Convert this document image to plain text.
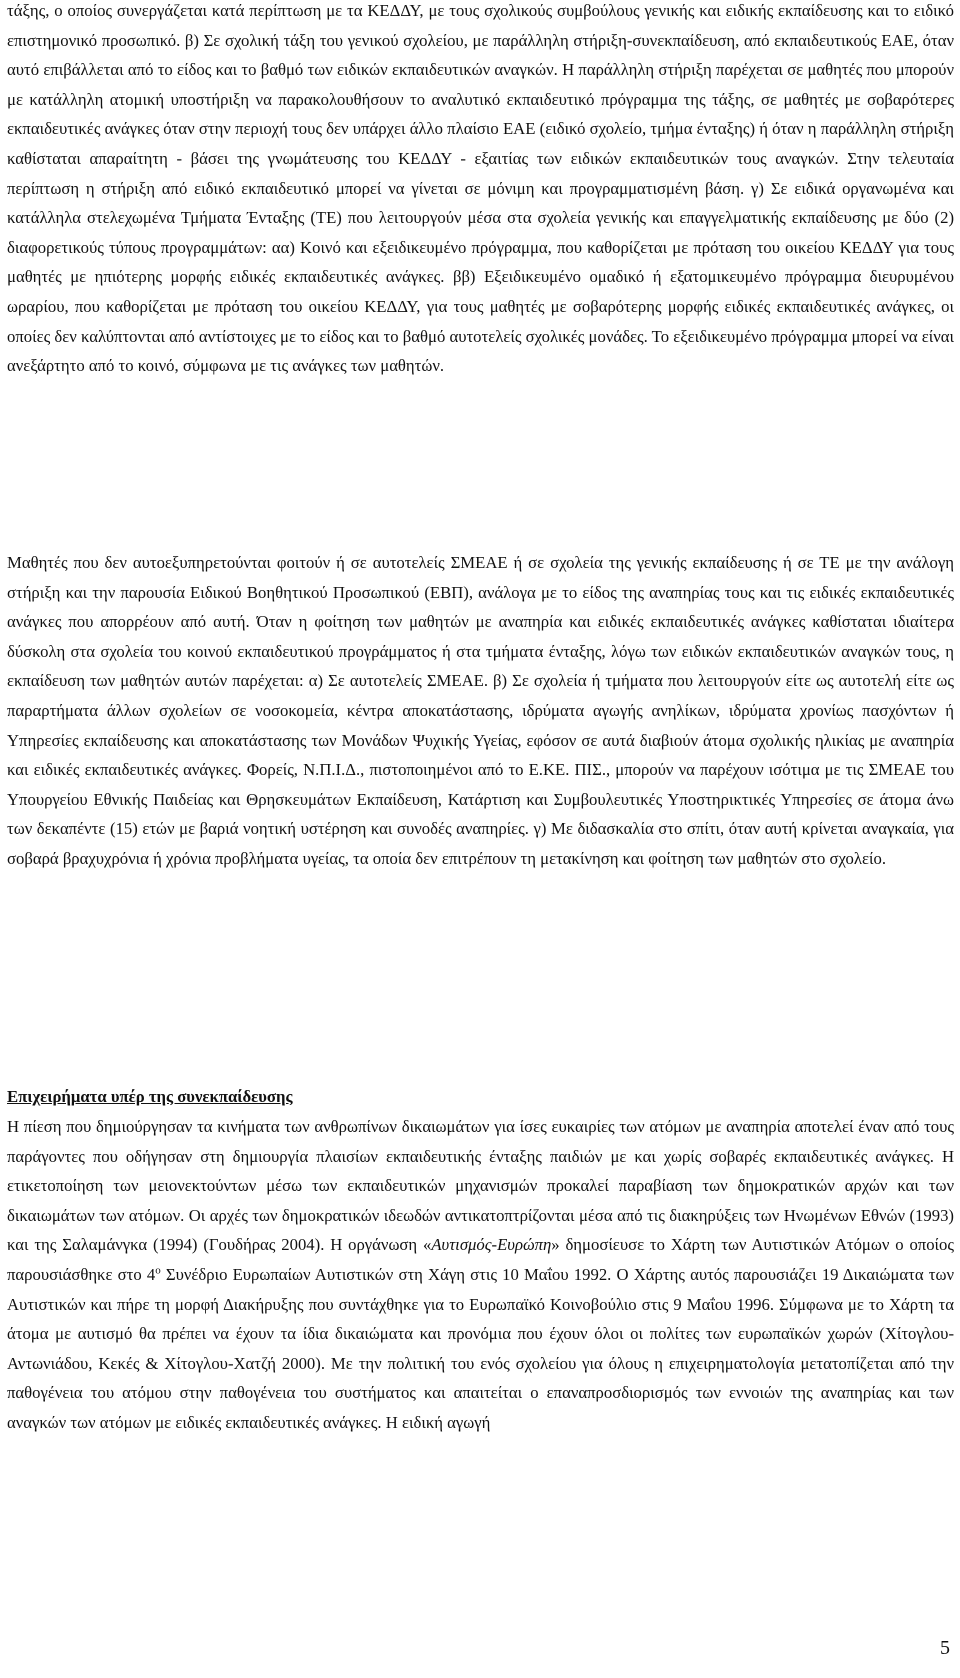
τάξης, ο οποίος συνεργάζεται κατά περίπτωση με τα ΚΕΔΔΥ, με τους σχολικούς συμβούλους γενικής και ειδικής εκπαίδευσης και το ειδικό επιστημονικό προσωπικό. β) Σε σχολική τάξη του γενικού σχολείου, με παράλληλη στήριξη-συνεκπαίδευση, από εκπαιδευτικούς ΕΑΕ, όταν αυτό επιβάλλεται από το είδος και το βαθμό των ειδικών εκπαιδευτικών αναγκών. Η παράλληλη στήριξη παρέχεται σε μαθητές που μπορούν με κατάλληλη ατομική υποστήριξη να παρακολουθήσουν το αναλυτικό εκπαιδευτικό πρόγραμμα της τάξης, σε μαθητές με σοβαρότερες εκπαιδευτικές ανάγκες όταν στην περιοχή τους δεν υπάρχει άλλο πλαίσιο ΕΑΕ (ειδικό σχολείο, τμήμα ένταξης) ή όταν η παράλληλη στήριξη καθίσταται απαραίτητη - βάσει της γνωμάτευσης του ΚΕΔΔΥ - εξαιτίας των ειδικών εκπαιδευτικών τους αναγκών. Στην τελευταία περίπτωση η στήριξη από ειδικό εκπαιδευτικό μπορεί να γίνεται σε μόνιμη και προγραμματισμένη βάση. γ) Σε ειδικά οργανωμένα και κατάλληλα στελεχωμένα Τμήματα Ένταξης (ΤΕ) που λειτουργούν μέσα στα σχολεία γενικής και επαγγελματικής εκπαίδευσης με δύο (2) διαφορετικούς τύπους προγραμμάτων: αα) Κοινό και εξειδικευμένο πρόγραμμα, που καθορίζεται με πρόταση του οικείου ΚΕΔΔΥ για τους μαθητές με ηπιότερης μορφής ειδικές εκπαιδευτικές ανάγκες. ββ) Εξειδικευμένο ομαδικό ή εξατομικευμένο πρόγραμμα διευρυμένου ωραρίου, που καθορίζεται με πρόταση του οικείου ΚΕΔΔΥ, για τους μαθητές με σοβαρότερης μορφής ειδικές εκπαιδευτικές ανάγκες, οι οποίες δεν καλύπτονται από αντίστοιχες με το είδος και το βαθμό αυτοτελείς σχολικές μονάδες. Το εξειδικευμένο πρόγραμμα μπορεί να είναι ανεξάρτητο από το κοινό, σύμφωνα με τις ανάγκες των μαθητών.

Μαθητές που δεν αυτοεξυπηρετούνται φοιτούν ή σε αυτοτελείς ΣΜΕΑΕ ή σε σχολεία της γενικής εκπαίδευσης ή σε ΤΕ με την ανάλογη στήριξη και την παρουσία Ειδικού Βοηθητικού Προσωπικού (ΕΒΠ), ανάλογα με το είδος της αναπηρίας τους και τις ειδικές εκπαιδευτικές ανάγκες που απορρέουν από αυτή. Όταν η φοίτηση των μαθητών με αναπηρία και ειδικές εκπαιδευτικές ανάγκες καθίσταται ιδιαίτερα δύσκολη στα σχολεία του κοινού εκπαιδευτικού προγράμματος ή στα τμήματα ένταξης, λόγω των ειδικών εκπαιδευτικών αναγκών τους, η εκπαίδευση των μαθητών αυτών παρέχεται: α) Σε αυτοτελείς ΣΜΕΑΕ. β) Σε σχολεία ή τμήματα που λειτουργούν είτε ως αυτοτελή είτε ως παραρτήματα άλλων σχολείων σε νοσοκομεία, κέντρα αποκατάστασης, ιδρύματα αγωγής ανηλίκων, ιδρύματα χρονίως πασχόντων ή Υπηρεσίες εκπαίδευσης και αποκατάστασης των Μονάδων Ψυχικής Υγείας, εφόσον σε αυτά διαβιούν άτομα σχολικής ηλικίας με αναπηρία και ειδικές εκπαιδευτικές ανάγκες. Φορείς, Ν.Π.Ι.Δ., πιστοποιημένοι από το Ε.ΚΕ. ΠΙΣ., μπορούν να παρέχουν ισότιμα με τις ΣΜΕΑΕ του Υπουργείου Εθνικής Παιδείας και Θρησκευμάτων Εκπαίδευση, Κατάρτιση και Συμβουλευτικές Υποστηρικτικές Υπηρεσίες σε άτομα άνω των δεκαπέντε (15) ετών με βαριά νοητική υστέρηση και συνοδές αναπηρίες. γ) Με διδασκαλία στο σπίτι, όταν αυτή κρίνεται αναγκαία, για σοβαρά βραχυχρόνια ή χρόνια προβλήματα υγείας, τα οποία δεν επιτρέπουν τη μετακίνηση και φοίτηση των μαθητών στο σχολείο.

Επιχειρήματα υπέρ της συνεκπαίδευσης

Η πίεση που δημιούργησαν τα κινήματα των ανθρωπίνων δικαιωμάτων για ίσες ευκαιρίες των ατόμων με αναπηρία αποτελεί έναν από τους παράγοντες που οδήγησαν στη δημιουργία πλαισίων εκπαιδευτικής ένταξης παιδιών με και χωρίς σοβαρές εκπαιδευτικές ανάγκες. Η ετικετοποίηση των μειονεκτούντων μέσω των εκπαιδευτικών μηχανισμών προκαλεί παραβίαση των δημοκρατικών αρχών και των δικαιωμάτων των ατόμων. Οι αρχές των δημοκρατικών ιδεωδών αντικατοπτρίζονται μέσα από τις διακηρύξεις των Ηνωμένων Εθνών (1993) και της Σαλαμάνγκα (1994) (Γουδήρας 2004). Η οργάνωση «Αυτισμός-Ευρώπη» δημοσίευσε το Χάρτη των Αυτιστικών Ατόμων ο οποίος παρουσιάσθηκε στο $4^o$ Συνέδριο Ευρωπαίων Αυτιστικών στη Χάγη στις 10 Μαΐου 1992. Ο Χάρτης αυτός παρουσιάζει 19 Δικαιώματα των Αυτιστικών και πήρε τη μορφή Διακήρυξης που συντάχθηκε για το Ευρωπαϊκό Κοινοβούλιο στις 9 Μαΐου 1996. Σύμφωνα με το Χάρτη τα άτομα με αυτισμό θα πρέπει να έχουν τα ίδια δικαιώματα και προνόμια που έχουν όλοι οι πολίτες των ευρωπαϊκών χωρών (Χίτογλου-Αντωνιάδου, Κεκές & Χίτογλου-Χατζή 2000). Με την πολιτική του ενός σχολείου για όλους η επιχειρηματολογία μετατοπίζεται από την παθογένεια του ατόμου στην παθογένεια του συστήματος και απαιτείται ο επαναπροσδιορισμός των εννοιών της αναπηρίας και των αναγκών των ατόμων με ειδικές εκπαιδευτικές ανάγκες. Η ειδική αγωγή

5
